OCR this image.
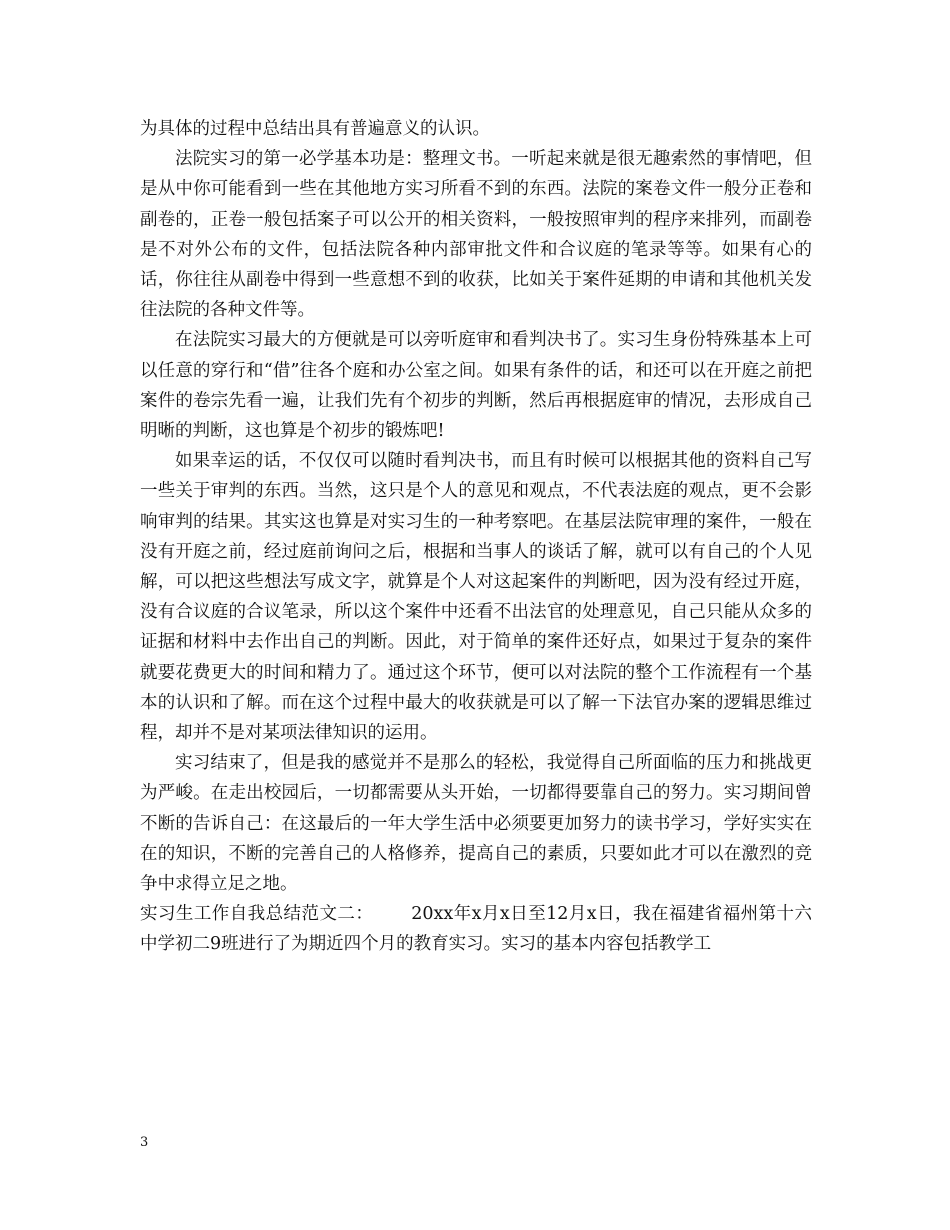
为具体的过程中总结出具有普遍意义的认识。

法院实习的第一必学基本功是：整理文书。一听起来就是很无趣索然的事情吧，但是从中你可能看到一些在其他地方实习所看不到的东西。法院的案卷文件一般分正卷和副卷的，正卷一般包括案子可以公开的相关资料，一般按照审判的程序来排列，而副卷是不对外公布的文件，包括法院各种内部审批文件和合议庭的笔录等等。如果有心的话，你往往从副卷中得到一些意想不到的收获，比如关于案件延期的申请和其他机关发往法院的各种文件等。

在法院实习最大的方便就是可以旁听庭审和看判决书了。实习生身份特殊基本上可以任意的穿行和“借”往各个庭和办公室之间。如果有条件的话，和还可以在开庭之前把案件的卷宗先看一遍，让我们先有个初步的判断，然后再根据庭审的情况，去形成自己明晰的判断，这也算是个初步的锻炼吧!

如果幸运的话，不仅仅可以随时看判决书，而且有时候可以根据其他的资料自己写一些关于审判的东西。当然，这只是个人的意见和观点，不代表法庭的观点，更不会影响审判的结果。其实这也算是对实习生的一种考察吧。在基层法院审理的案件，一般在没有开庭之前，经过庭前询问之后，根据和当事人的谈话了解，就可以有自己的个人见解，可以把这些想法写成文字，就算是个人对这起案件的判断吧，因为没有经过开庭，没有合议庭的合议笔录，所以这个案件中还看不出法官的处理意见，自己只能从众多的证据和材料中去作出自己的判断。因此，对于简单的案件还好点，如果过于复杂的案件就要花费更大的时间和精力了。通过这个环节，便可以对法院的整个工作流程有一个基本的认识和了解。而在这个过程中最大的收获就是可以了解一下法官办案的逻辑思维过程，却并不是对某项法律知识的运用。

实习结束了，但是我的感觉并不是那么的轻松，我觉得自己所面临的压力和挑战更为严峻。在走出校园后，一切都需要从头开始，一切都得要靠自己的努力。实习期间曾不断的告诉自己：在这最后的一年大学生活中必须要更加努力的读书学习，学好实实在在的知识，不断的完善自己的人格修养，提高自己的素质，只要如此才可以在激烈的竞争中求得立足之地。

实习生工作自我总结范文二： 20xx年x月x日至12月x日，我在福建省福州第十六中学初二9班进行了为期近四个月的教育实习。实习的基本内容包括教学工

3
